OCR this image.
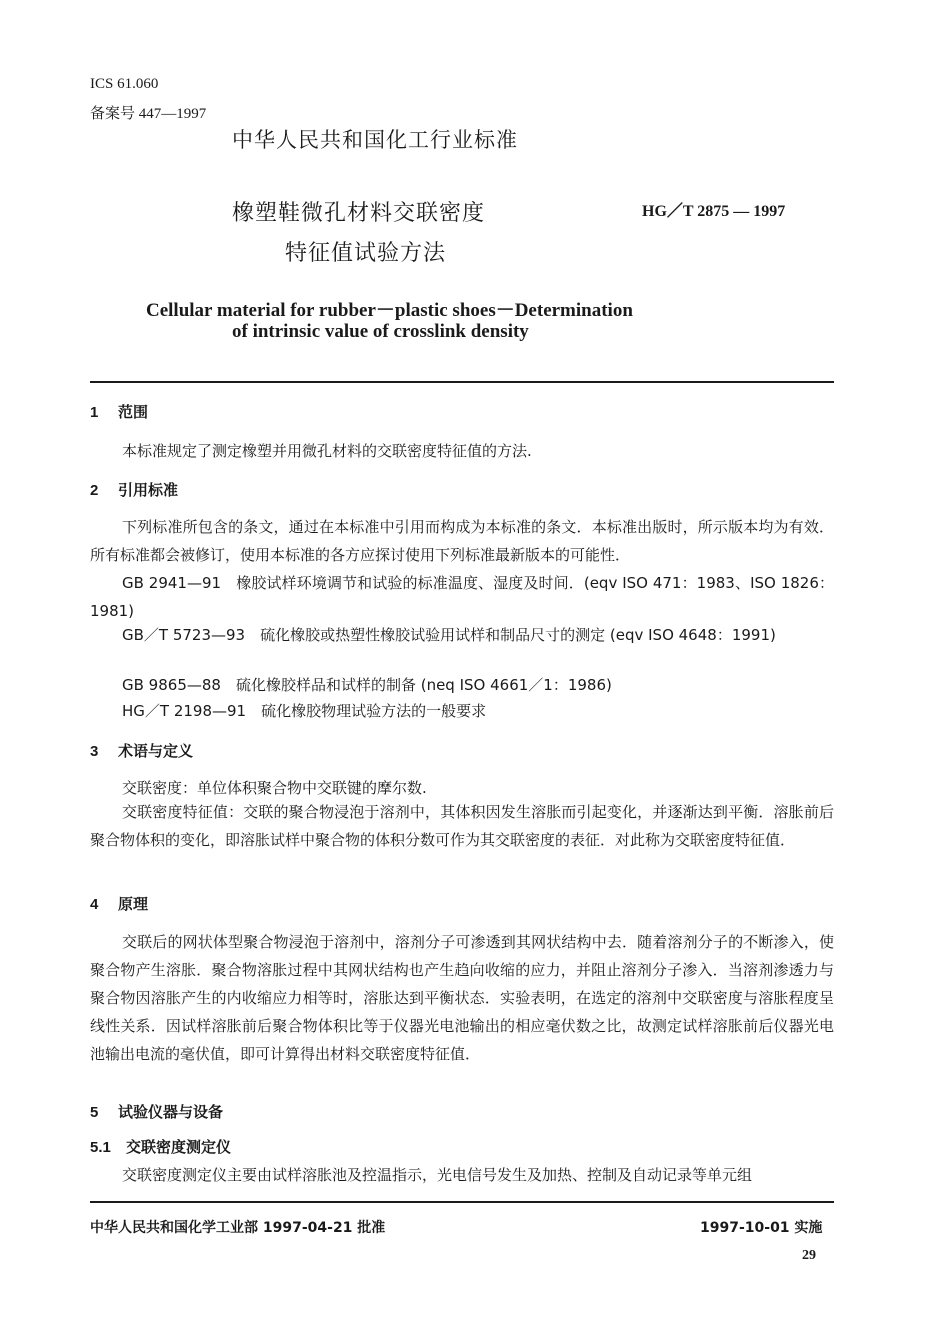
ICS 61.060
备案号 447—1997
中华人民共和国化工行业标准
橡塑鞋微孔材料交联密度
特征值试验方法
HG／T 2875 — 1997
Cellular material for rubber－plastic shoes－Determination
of intrinsic value of crosslink density
1 范围
本标准规定了测定橡塑并用微孔材料的交联密度特征值的方法.
2 引用标准
下列标准所包含的条文，通过在本标准中引用而构成为本标准的条文．本标准出版时，所示版本均为有效．所有标准都会被修订，使用本标准的各方应探讨使用下列标准最新版本的可能性．
GB 2941—91　橡胶试样环境调节和试验的标准温度、湿度及时间．(eqv ISO 471：1983、ISO 1826：1981)
GB／T 5723—93　硫化橡胶或热塑性橡胶试验用试样和制品尺寸的测定 (eqv ISO 4648：1991)
GB 9865—88　硫化橡胶样品和试样的制备 (neq ISO 4661／1：1986)
HG／T 2198—91　硫化橡胶物理试验方法的一般要求
3 术语与定义
交联密度：单位体积聚合物中交联键的摩尔数.
交联密度特征值：交联的聚合物浸泡于溶剂中，其体积因发生溶胀而引起变化，并逐渐达到平衡．溶胀前后聚合物体积的变化，即溶胀试样中聚合物的体积分数可作为其交联密度的表征．对此称为交联密度特征值．
4 原理
交联后的网状体型聚合物浸泡于溶剂中，溶剂分子可渗透到其网状结构中去．随着溶剂分子的不断渗入，使聚合物产生溶胀．聚合物溶胀过程中其网状结构也产生趋向收缩的应力，并阻止溶剂分子渗入．当溶剂渗透力与聚合物因溶胀产生的内收缩应力相等时，溶胀达到平衡状态．实验表明，在选定的溶剂中交联密度与溶胀程度呈线性关系．因试样溶胀前后聚合物体积比等于仪器光电池输出的相应毫伏数之比，故测定试样溶胀前后仪器光电池输出电流的毫伏值，即可计算得出材料交联密度特征值．
5 试验仪器与设备
5.1 交联密度测定仪
交联密度测定仪主要由试样溶胀池及控温指示，光电信号发生及加热、控制及自动记录等单元组
中华人民共和国化学工业部 1997-04-21 批准	1997-10-01 实施
29
